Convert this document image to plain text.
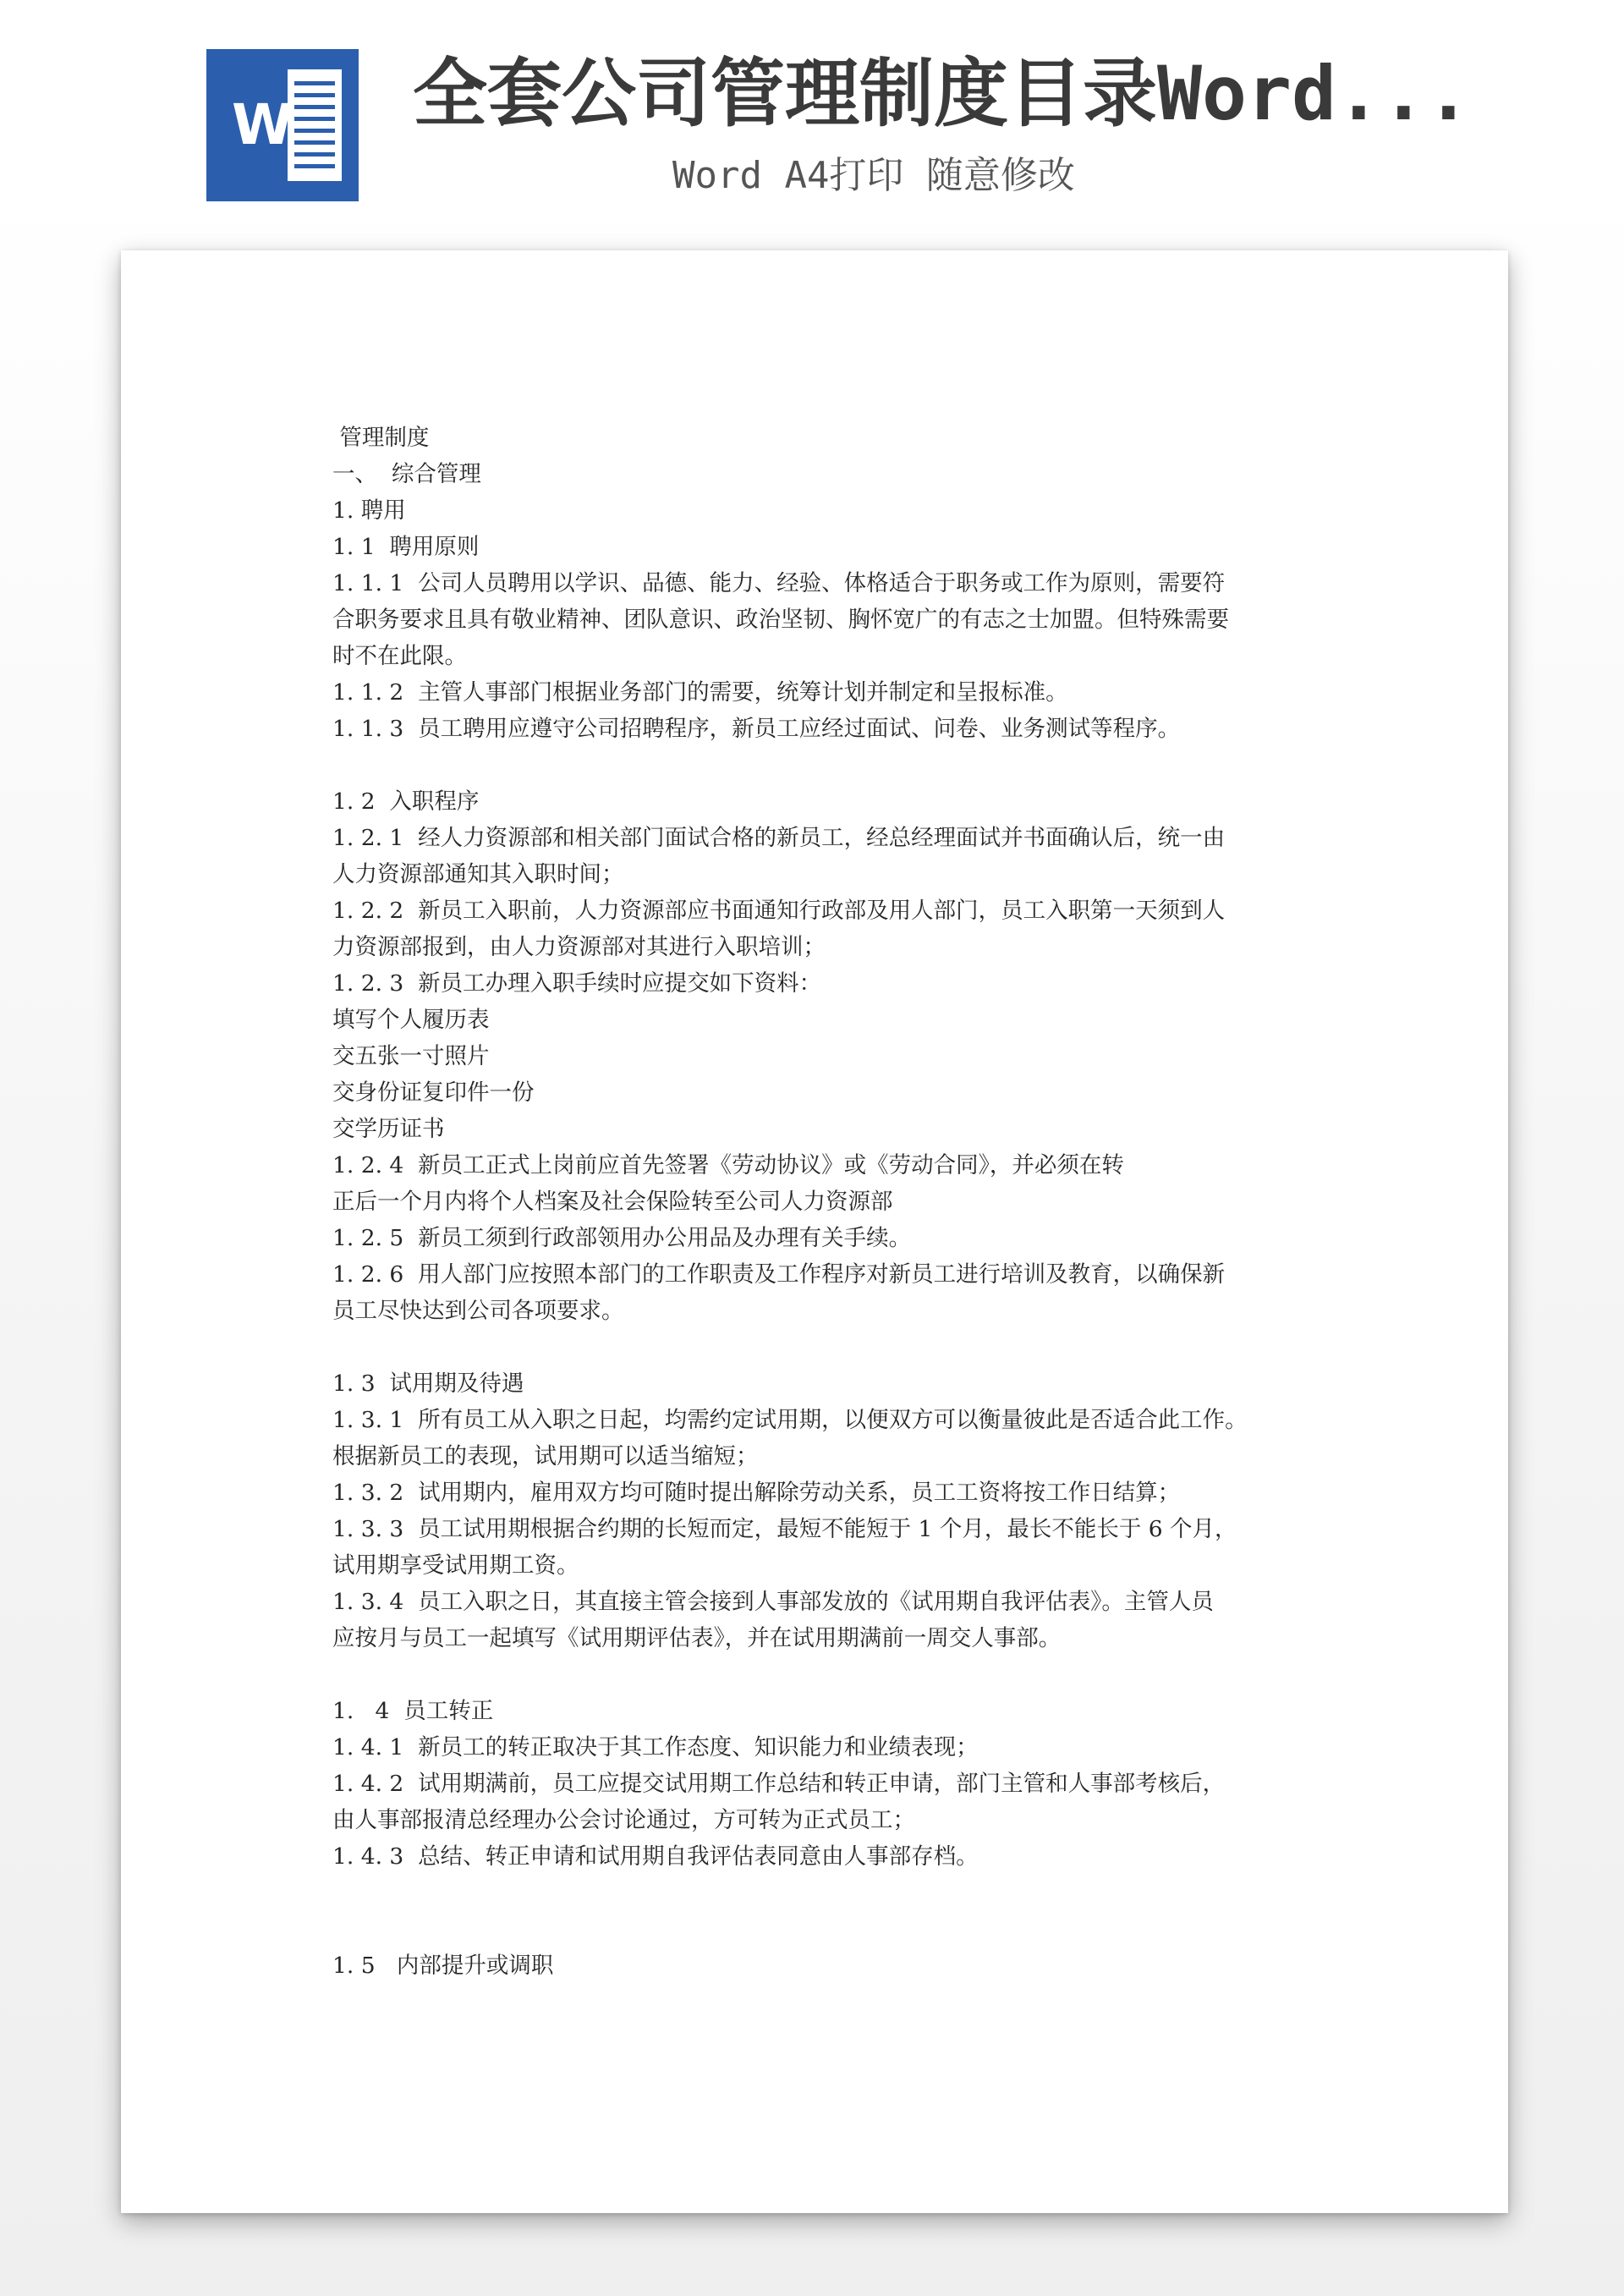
W 全套公司管理制度目录Word...
Word A4打印 随意修改
管理制度
一、  综合管理
1. 聘用
1. 1  聘用原则
1. 1. 1  公司人员聘用以学识、品德、能力、经验、体格适合于职务或工作为原则，需要符
合职务要求且具有敬业精神、团队意识、政治坚韧、胸怀宽广的有志之士加盟。但特殊需要
时不在此限。
1. 1. 2  主管人事部门根据业务部门的需要，统筹计划并制定和呈报标准。
1. 1. 3  员工聘用应遵守公司招聘程序，新员工应经过面试、问卷、业务测试等程序。
1. 2  入职程序
1. 2. 1  经人力资源部和相关部门面试合格的新员工，经总经理面试并书面确认后，统一由
人力资源部通知其入职时间；
1. 2. 2  新员工入职前，人力资源部应书面通知行政部及用人部门，员工入职第一天须到人
力资源部报到，由人力资源部对其进行入职培训；
1. 2. 3  新员工办理入职手续时应提交如下资料：
填写个人履历表
交五张一寸照片
交身份证复印件一份
交学历证书
1. 2. 4  新员工正式上岗前应首先签署《劳动协议》或《劳动合同》，并必须在转
正后一个月内将个人档案及社会保险转至公司人力资源部
1. 2. 5  新员工须到行政部领用办公用品及办理有关手续。
1. 2. 6  用人部门应按照本部门的工作职责及工作程序对新员工进行培训及教育，以确保新
员工尽快达到公司各项要求。
1. 3  试用期及待遇
1. 3. 1  所有员工从入职之日起，均需约定试用期，以便双方可以衡量彼此是否适合此工作。
根据新员工的表现，试用期可以适当缩短；
1. 3. 2  试用期内，雇用双方均可随时提出解除劳动关系，员工工资将按工作日结算；
1. 3. 3  员工试用期根据合约期的长短而定，最短不能短于 1 个月，最长不能长于 6 个月，
试用期享受试用期工资。
1. 3. 4  员工入职之日，其直接主管会接到人事部发放的《试用期自我评估表》。主管人员
应按月与员工一起填写《试用期评估表》，并在试用期满前一周交人事部。
1.   4  员工转正
1. 4. 1  新员工的转正取决于其工作态度、知识能力和业绩表现；
1. 4. 2  试用期满前，员工应提交试用期工作总结和转正申请，部门主管和人事部考核后，
由人事部报清总经理办公会讨论通过，方可转为正式员工；
1. 4. 3  总结、转正申请和试用期自我评估表同意由人事部存档。
1. 5   内部提升或调职
